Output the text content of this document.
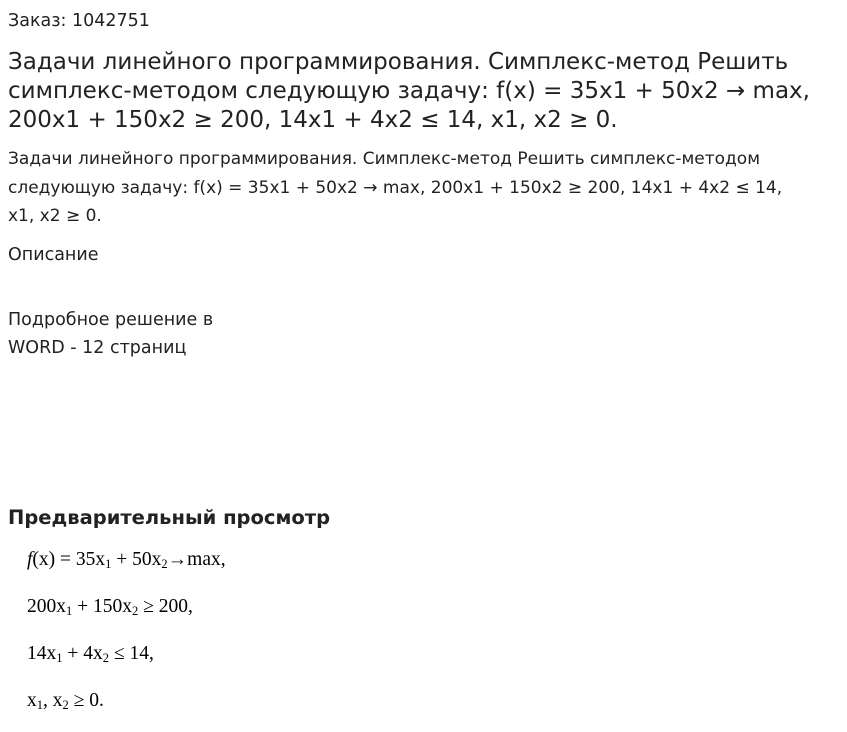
Заказ: 1042751
Задачи линейного программирования. Симплекс-метод Решить симплекс-методом следующую задачу: f(x) = 35x1 + 50x2 → max, 200x1 + 150x2 ≥ 200, 14x1 + 4x2 ≤ 14, x1, x2 ≥ 0.

Задачи линейного программирования. Симплекс-метод Решить симплекс-методом следующую задачу: f(x) = 35x1 + 50x2 → max, 200x1 + 150x2 ≥ 200, 14x1 + 4x2 ≤ 14, x1, x2 ≥ 0.

Описание

Подробное решение в
WORD - 12 страниц

Предварительный просмотр
$f(x) = 35x_1 + 50x_2\to\max$,
$200x_1 + 150x_2 \ge 200$,
$14x_1 + 4x_2 \le 14$,
$x_1$, $x_2 \ge 0$.
